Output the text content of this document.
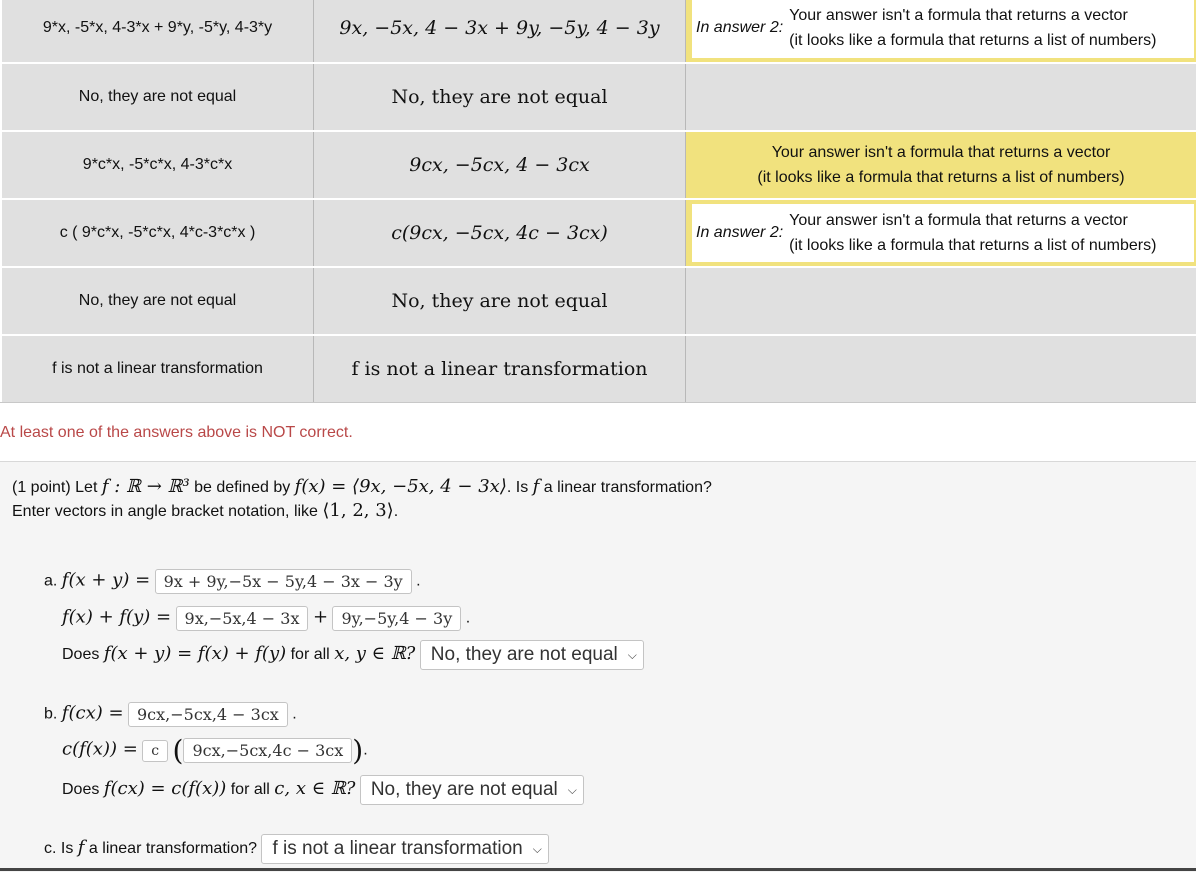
9*x, -5*x, 4-3*x + 9*y, -5*y, 4-3*y	9x, −5x, 4 − 3x + 9y, −5y, 4 − 3y	In answer 2:
Your answer isn't a formula that returns a vector
(it looks like a formula that returns a list of numbers)
No, they are not equal	No, they are not equal
9*c*x, -5*c*x, 4-3*c*x	9cx, −5cx, 4 − 3cx
Your answer isn't a formula that returns a vector
(it looks like a formula that returns a list of numbers)
c ( 9*c*x, -5*c*x, 4*c-3*c*x )	c(9cx, −5cx, 4c − 3cx)	In answer 2:
Your answer isn't a formula that returns a vector
(it looks like a formula that returns a list of numbers)
No, they are not equal	No, they are not equal
f is not a linear transformation	f is not a linear transformation
At least one of the answers above is NOT correct.
(1 point) Let f : ℝ → ℝ³ be defined by f(x) = ⟨9x, −5x, 4 − 3x⟩. Is f a linear transformation?
Enter vectors in angle bracket notation, like ⟨1, 2, 3⟩.
a. f(x + y) = 9x + 9y,−5x − 5y,4 − 3x − 3y .
f(x) + f(y) = 9x,−5x,4 − 3x + 9y,−5y,4 − 3y .
Does f(x + y) = f(x) + f(y) for all x, y ∈ ℝ? No, they are not equal ⌵
b. f(cx) = 9cx,−5cx,4 − 3cx .
c(f(x)) = c ( 9cx,−5cx,4c − 3cx ).
Does f(cx) = c(f(x)) for all c, x ∈ ℝ? No, they are not equal ⌵
c. Is f a linear transformation? f is not a linear transformation ⌵
